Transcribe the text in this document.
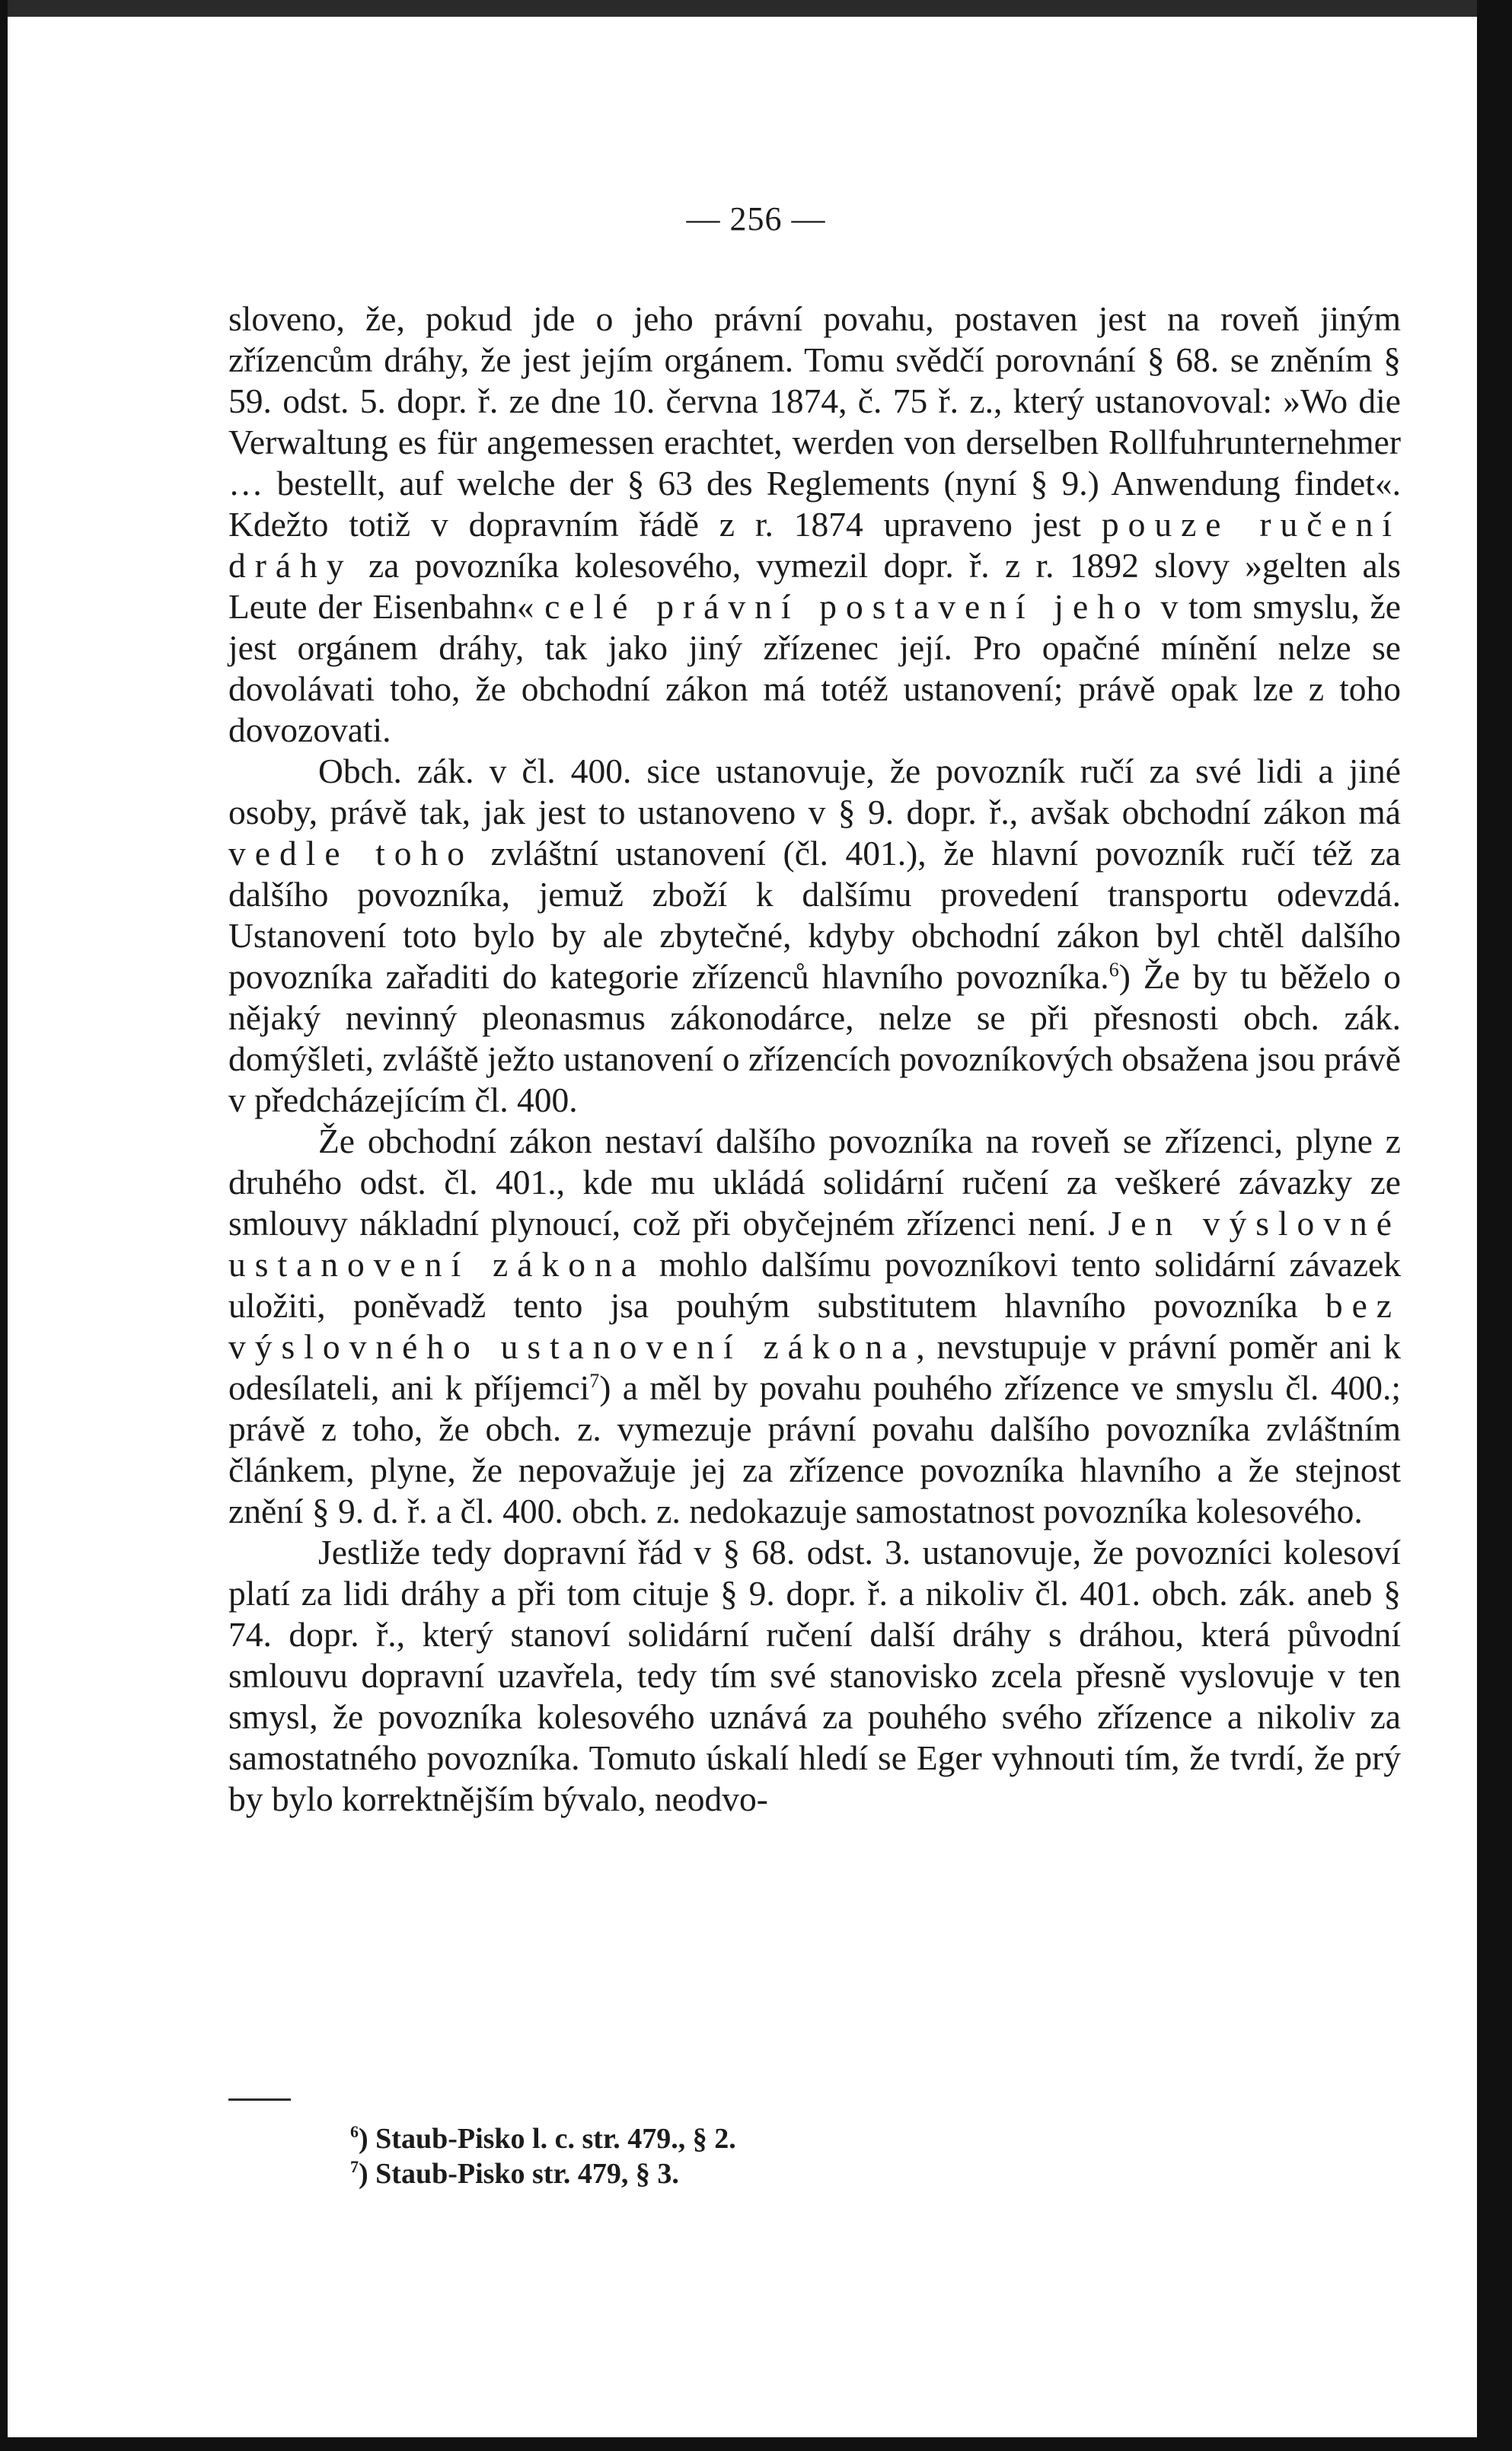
— 256 —

sloveno, že, pokud jde o jeho právní povahu, postaven jest na roveň jiným zřízencům dráhy, že jest jejím orgánem. Tomu svědčí porovnání § 68. se zněním § 59. odst. 5. dopr. ř. ze dne 10. června 1874, č. 75 ř. z., který ustanovoval: »Wo die Verwaltung es für angemessen erachtet, werden von derselben Rollfuhrunternehmer … bestellt, auf welche der § 63 des Reglements (nyní § 9.) Anwendung findet«. Kdežto totiž v dopravním řádě z r. 1874 upraveno jest pouze ručení dráhy za povozníka kolesového, vymezil dopr. ř. z r. 1892 slovy »gelten als Leute der Eisenbahn« celé právní postavení jeho v tom smyslu, že jest orgánem dráhy, tak jako jiný zřízenec její. Pro opačné mínění nelze se dovolávati toho, že obchodní zákon má totéž ustanovení; právě opak lze z toho dovozovati.

Obch. zák. v čl. 400. sice ustanovuje, že povozník ručí za své lidi a jiné osoby, právě tak, jak jest to ustanoveno v § 9. dopr. ř., avšak obchodní zákon má vedle toho zvláštní ustanovení (čl. 401.), že hlavní povozník ručí též za dalšího povozníka, jemuž zboží k dalšímu provedení transportu odevzdá. Ustanovení toto bylo by ale zbytečné, kdyby obchodní zákon byl chtěl dalšího povozníka zařaditi do kategorie zřízenců hlavního povozníka.$^6$) Že by tu běželo o nějaký nevinný pleonasmus zákonodárce, nelze se při přesnosti obch. zák. domýšleti, zvláště ježto ustanovení o zřízencích povozníkových obsažena jsou právě v předcházejícím čl. 400.

Že obchodní zákon nestaví dalšího povozníka na roveň se zřízenci, plyne z druhého odst. čl. 401., kde mu ukládá solidární ručení za veškeré závazky ze smlouvy nákladní plynoucí, což při obyčejném zřízenci není. Jen výslovné ustanovení zákona mohlo dalšímu povozníkovi tento solidární závazek uložiti, poněvadž tento jsa pouhým substitutem hlavního povozníka bez výslovného ustanovení zákona, nevstupuje v právní poměr ani k odesílateli, ani k příjemci$^7$) a měl by povahu pouhého zřízence ve smyslu čl. 400.; právě z toho, že obch. z. vymezuje právní povahu dalšího povozníka zvláštním článkem, plyne, že nepovažuje jej za zřízence povozníka hlavního a že stejnost znění § 9. d. ř. a čl. 400. obch. z. nedokazuje samostatnost povozníka kolesového.

Jestliže tedy dopravní řád v § 68. odst. 3. ustanovuje, že povozníci kolesoví platí za lidi dráhy a při tom cituje § 9. dopr. ř. a nikoliv čl. 401. obch. zák. aneb § 74. dopr. ř., který stanoví solidární ručení další dráhy s dráhou, která původní smlouvu dopravní uzavřela, tedy tím své stanovisko zcela přesně vyslovuje v ten smysl, že povozníka kolesového uznává za pouhého svého zřízence a nikoliv za samostatného povozníka. Tomuto úskalí hledí se Eger vyhnouti tím, že tvrdí, že prý by bylo korrektnějším bývalo, neodvo-

$^6$) Staub-Pisko l. c. str. 479., § 2.
$^7$) Staub-Pisko str. 479, § 3.
